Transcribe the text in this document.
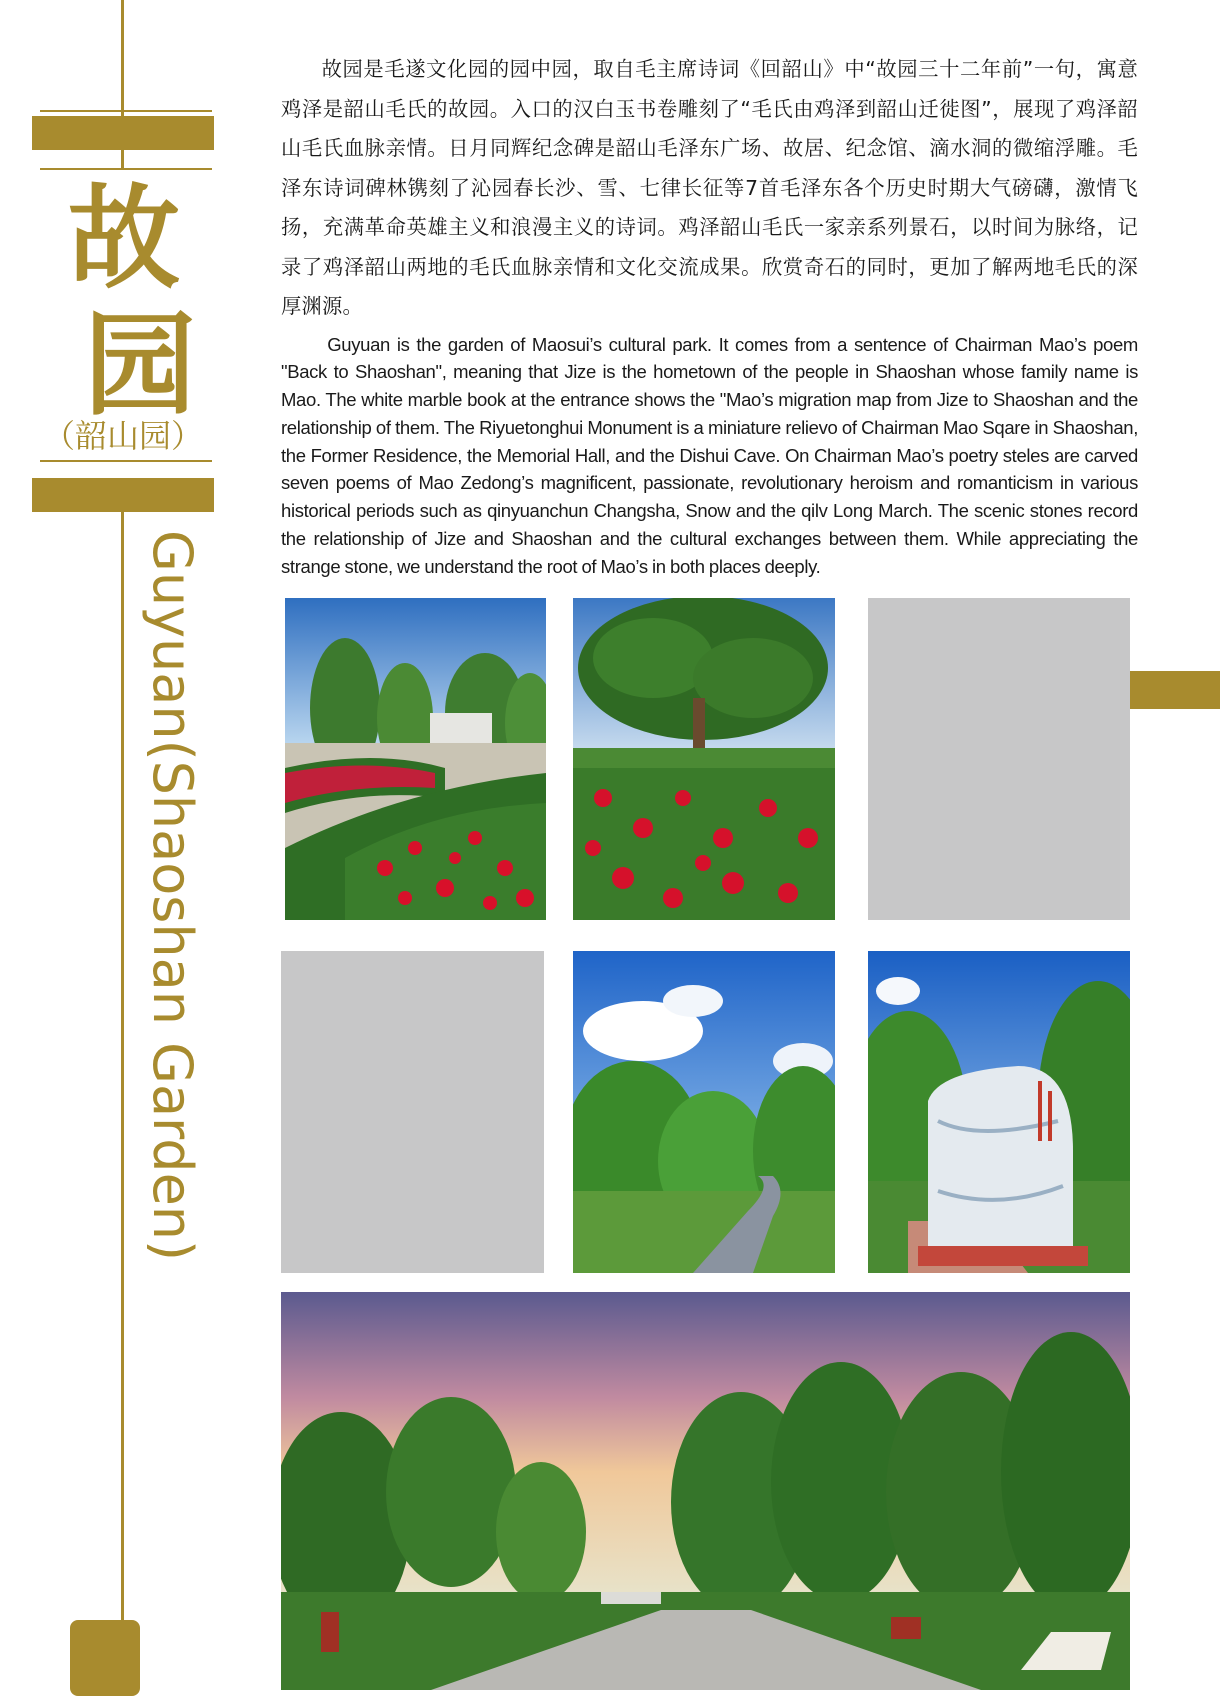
故
园
（韶山园）
Guyuan(Shaoshan Garden)

故园是毛遂文化园的园中园，取自毛主席诗词《回韶山》中“故园三十二年前”一句，寓意鸡泽是韶山毛氏的故园。入口的汉白玉书卷雕刻了“毛氏由鸡泽到韶山迁徙图”，展现了鸡泽韶山毛氏血脉亲情。日月同辉纪念碑是韶山毛泽东广场、故居、纪念馆、滴水洞的微缩浮雕。毛泽东诗词碑林镌刻了沁园春长沙、雪、七律长征等7首毛泽东各个历史时期大气磅礴，激情飞扬，充满革命英雄主义和浪漫主义的诗词。鸡泽韶山毛氏一家亲系列景石，以时间为脉络，记录了鸡泽韶山两地的毛氏血脉亲情和文化交流成果。欣赏奇石的同时，更加了解两地毛氏的深厚渊源。

Guyuan is the garden of Maosui’s cultural park. It comes from a sentence of Chairman Mao’s poem "Back to Shaoshan", meaning that Jize is the hometown of the people in Shaoshan whose family name is Mao. The white marble book at the entrance shows the "Mao’s migration map from Jize to Shaoshan and the relationship of them. The Riyuetonghui Monument is a miniature relievo of Chairman Mao Sqare in Shaoshan, the Former Residence, the Memorial Hall, and the Dishui Cave. On Chairman Mao’s poetry steles are carved seven poems of Mao Zedong’s magnificent, passionate, revolutionary heroism and romanticism in various historical periods such as qinyuanchun Changsha, Snow and the qilv Long March. The scenic stones record the relationship of Jize and Shaoshan and the cultural exchanges between them. While appreciating the strange stone, we understand the root of Mao’s in both places deeply.
